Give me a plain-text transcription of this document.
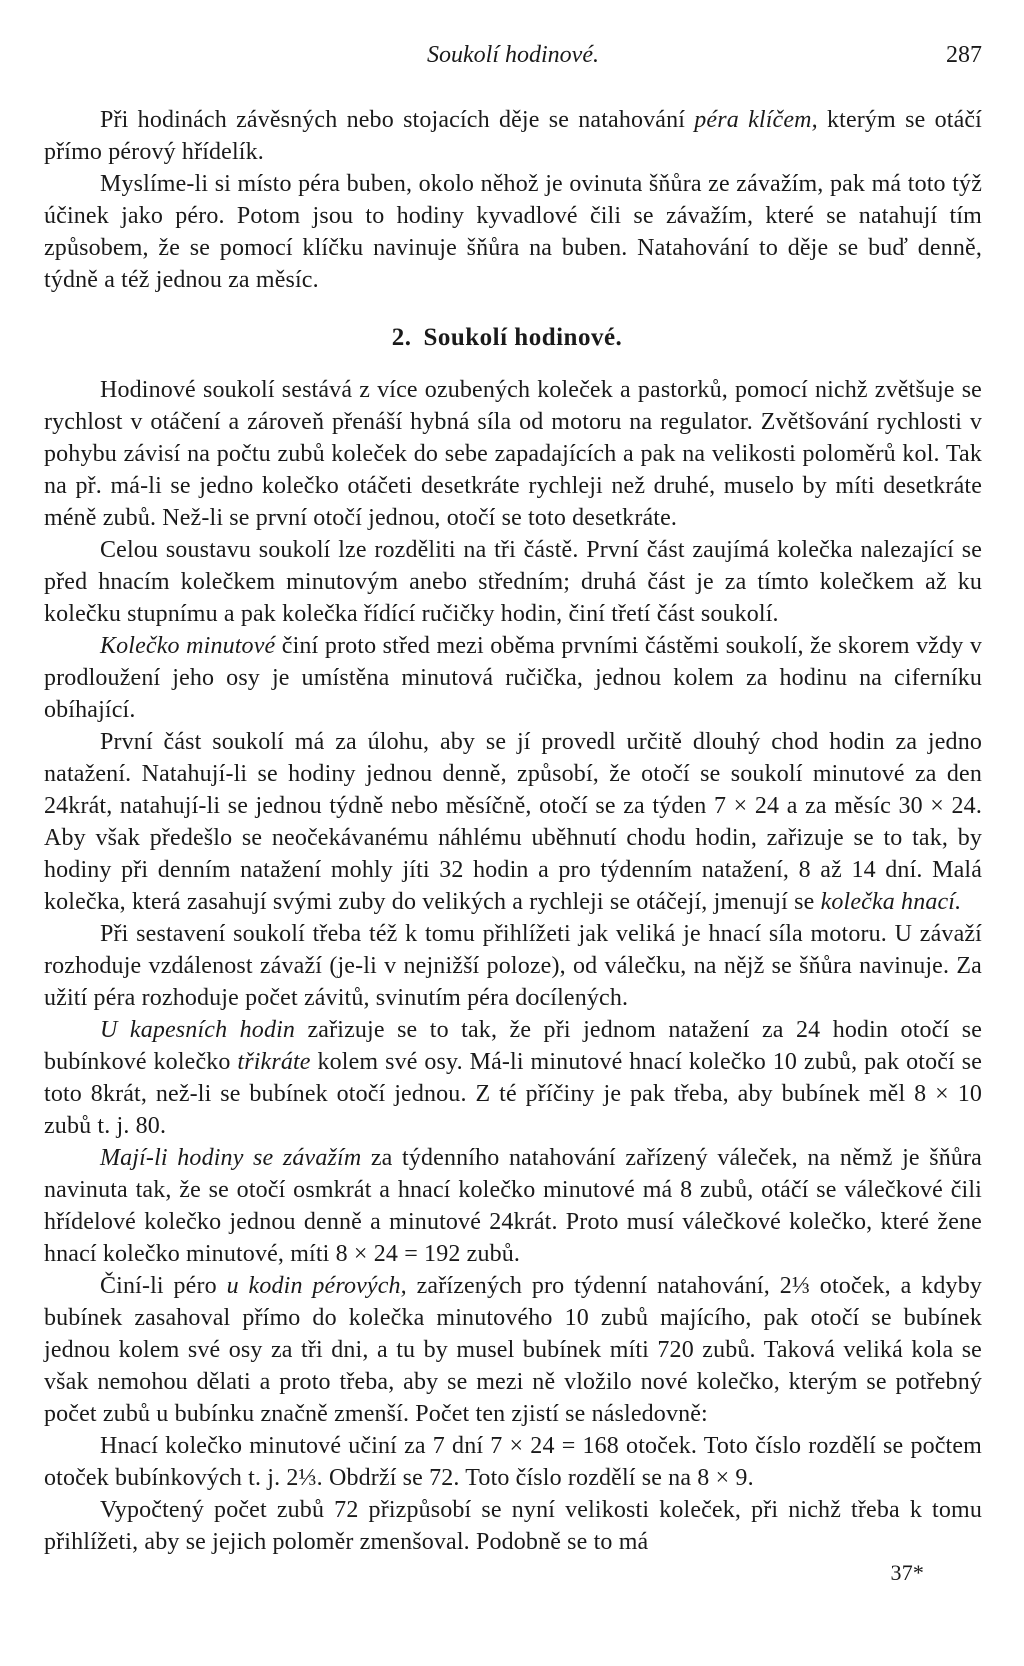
Soukolí hodinové.	287

Při hodinách závěsných nebo stojacích děje se natahování péra klíčem, kterým se otáčí přímo pérový hřídelík.

Myslíme-li si místo péra buben, okolo něhož je ovinuta šňůra ze závažím, pak má toto týž účinek jako péro. Potom jsou to hodiny kyvadlové čili se závažím, které se natahují tím způsobem, že se pomocí klíčku navinuje šňůra na buben. Natahování to děje se buď denně, týdně a též jednou za měsíc.

2. Soukolí hodinové.

Hodinové soukolí sestává z více ozubených koleček a pastorků, pomocí nichž zvětšuje se rychlost v otáčení a zároveň přenáší hybná síla od motoru na regulator. Zvětšování rychlosti v pohybu závisí na počtu zubů koleček do sebe zapadajících a pak na velikosti poloměrů kol. Tak na př. má-li se jedno kolečko otáčeti desetkráte rychleji než druhé, muselo by míti desetkráte méně zubů. Než-li se první otočí jednou, otočí se toto desetkráte.

Celou soustavu soukolí lze rozděliti na tři částě. První část zaujímá kolečka nalezající se před hnacím kolečkem minutovým anebo středním; druhá část je za tímto kolečkem až ku kolečku stupnímu a pak kolečka řídící ručičky hodin, činí třetí část soukolí.

Kolečko minutové činí proto střed mezi oběma prvními částěmi soukolí, že skorem vždy v prodloužení jeho osy je umístěna minutová ručička, jednou kolem za hodinu na ciferníku obíhající.

První část soukolí má za úlohu, aby se jí provedl určitě dlouhý chod hodin za jedno natažení. Natahují-li se hodiny jednou denně, způsobí, že otočí se soukolí minutové za den 24krát, natahují-li se jednou týdně nebo měsíčně, otočí se za týden 7 × 24 a za měsíc 30 × 24. Aby však předešlo se neočekávanému náhlému uběhnutí chodu hodin, zařizuje se to tak, by hodiny při denním natažení mohly jíti 32 hodin a pro týdenním natažení, 8 až 14 dní. Malá kolečka, která zasahují svými zuby do velikých a rychleji se otáčejí, jmenují se kolečka hnací.

Při sestavení soukolí třeba též k tomu přihlížeti jak veliká je hnací síla motoru. U závaží rozhoduje vzdálenost závaží (je-li v nejnižší poloze), od válečku, na nějž se šňůra navinuje. Za užití péra rozhoduje počet závitů, svinutím péra docílených.

U kapesních hodin zařizuje se to tak, že při jednom natažení za 24 hodin otočí se bubínkové kolečko třikráte kolem své osy. Má-li minutové hnací kolečko 10 zubů, pak otočí se toto 8krát, než-li se bubínek otočí jednou. Z té příčiny je pak třeba, aby bubínek měl 8 × 10 zubů t. j. 80.

Mají-li hodiny se závažím za týdenního natahování zařízený váleček, na němž je šňůra navinuta tak, že se otočí osmkrát a hnací kolečko minutové má 8 zubů, otáčí se válečkové čili hřídelové kolečko jednou denně a minutové 24krát. Proto musí válečkové kolečko, které žene hnací kolečko minutové, míti 8 × 24 = 192 zubů.

Činí-li péro u kodin pérových, zařízených pro týdenní natahování, 2⅓ otoček, a kdyby bubínek zasahoval přímo do kolečka minutového 10 zubů majícího, pak otočí se bubínek jednou kolem své osy za tři dni, a tu by musel bubínek míti 720 zubů. Taková veliká kola se však nemohou dělati a proto třeba, aby se mezi ně vložilo nové kolečko, kterým se potřebný počet zubů u bubínku značně zmenší. Počet ten zjistí se následovně:

Hnací kolečko minutové učiní za 7 dní 7 × 24 = 168 otoček. Toto číslo rozdělí se počtem otoček bubínkových t. j. 2⅓. Obdrží se 72. Toto číslo rozdělí se na 8 × 9.

Vypočtený počet zubů 72 přizpůsobí se nyní velikosti koleček, při nichž třeba k tomu přihlížeti, aby se jejich poloměr zmenšoval. Podobně se to má

37*
